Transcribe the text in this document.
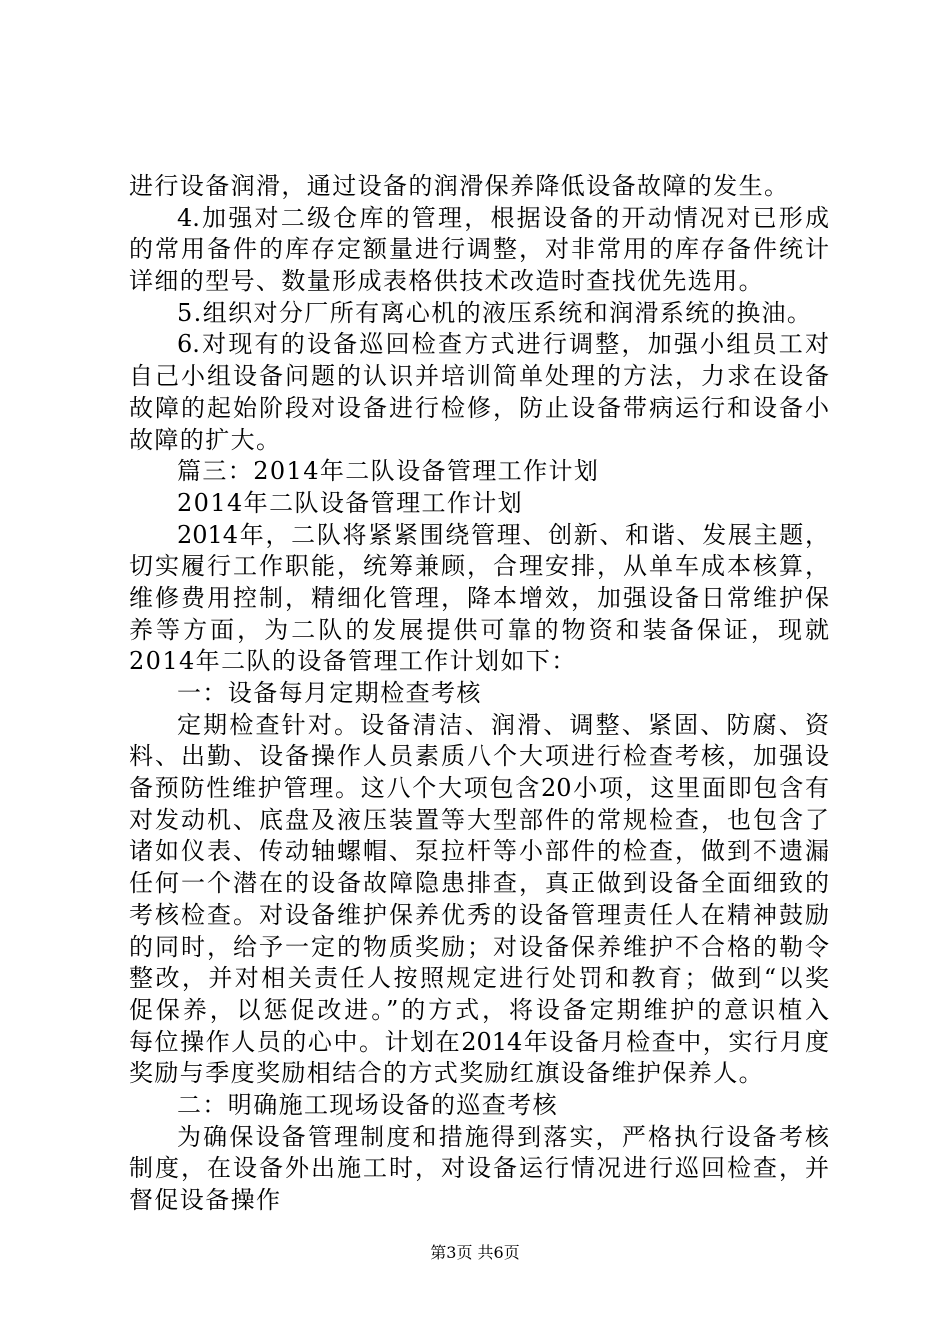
进行设备润滑，通过设备的润滑保养降低设备故障的发生。
4.加强对二级仓库的管理，根据设备的开动情况对已形成
的常用备件的库存定额量进行调整，对非常用的库存备件统计
详细的型号、数量形成表格供技术改造时查找优先选用。
5.组织对分厂所有离心机的液压系统和润滑系统的换油。
6.对现有的设备巡回检查方式进行调整，加强小组员工对
自己小组设备问题的认识并培训简单处理的方法，力求在设备
故障的起始阶段对设备进行检修，防止设备带病运行和设备小
故障的扩大。
篇三：2014年二队设备管理工作计划
2014年二队设备管理工作计划
2014年，二队将紧紧围绕管理、创新、和谐、发展主题，
切实履行工作职能，统筹兼顾，合理安排，从单车成本核算，
维修费用控制，精细化管理，降本增效，加强设备日常维护保
养等方面，为二队的发展提供可靠的物资和装备保证，现就
2014年二队的设备管理工作计划如下：
一：设备每月定期检查考核
定期检查针对。设备清洁、润滑、调整、紧固、防腐、资
料、出勤、设备操作人员素质八个大项进行检查考核，加强设
备预防性维护管理。这八个大项包含20小项，这里面即包含有
对发动机、底盘及液压装置等大型部件的常规检查，也包含了
诸如仪表、传动轴螺帽、泵拉杆等小部件的检查，做到不遗漏
任何一个潜在的设备故障隐患排查，真正做到设备全面细致的
考核检查。对设备维护保养优秀的设备管理责任人在精神鼓励
的同时，给予一定的物质奖励；对设备保养维护不合格的勒令
整改，并对相关责任人按照规定进行处罚和教育；做到“以奖
促保养，以惩促改进。”的方式，将设备定期维护的意识植入
每位操作人员的心中。计划在2014年设备月检查中，实行月度
奖励与季度奖励相结合的方式奖励红旗设备维护保养人。
二：明确施工现场设备的巡查考核
为确保设备管理制度和措施得到落实，严格执行设备考核
制度，在设备外出施工时，对设备运行情况进行巡回检查，并
督促设备操作
第3页 共6页
